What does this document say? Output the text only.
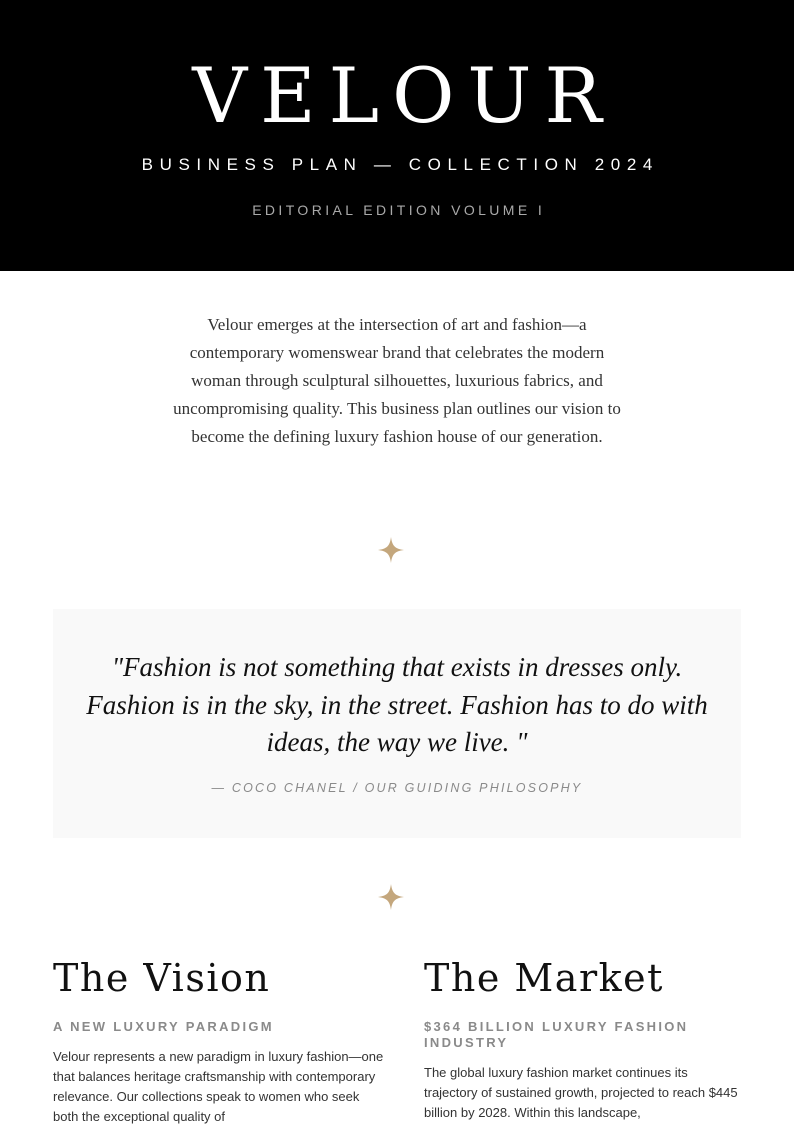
VELOUR
BUSINESS PLAN — COLLECTION 2024
EDITORIAL EDITION VOLUME I

Velour emerges at the intersection of art and fashion—a contemporary womenswear brand that celebrates the modern woman through sculptural silhouettes, luxurious fabrics, and uncompromising quality. This business plan outlines our vision to become the defining luxury fashion house of our generation.

"Fashion is not something that exists in dresses only. Fashion is in the sky, in the street. Fashion has to do with ideas, the way we live. "

— COCO CHANEL / OUR GUIDING PHILOSOPHY
The Vision
A NEW LUXURY PARADIGM

Velour represents a new paradigm in luxury fashion—one that balances heritage craftsmanship with contemporary relevance. Our collections speak to women who seek both the exceptional quality of

The Market
$364 BILLION LUXURY FASHION INDUSTRY

The global luxury fashion market continues its trajectory of sustained growth, projected to reach $445 billion by 2028. Within this landscape,
